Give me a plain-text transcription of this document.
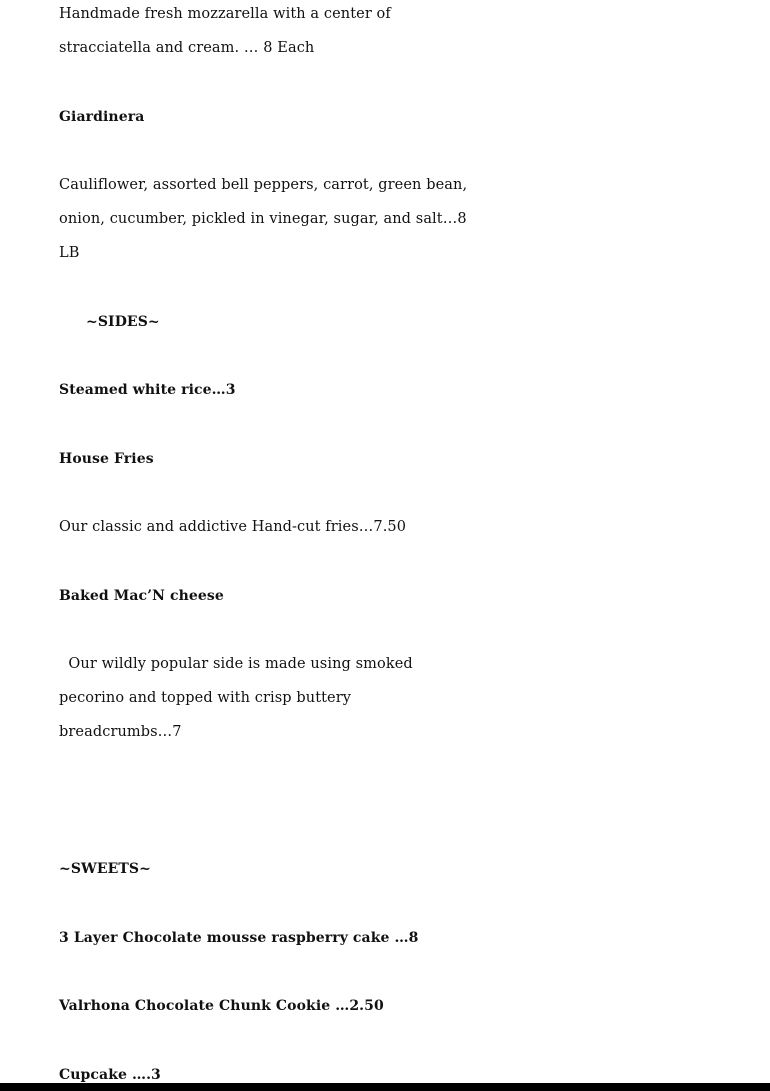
Handmade fresh mozzarella with a center of
stracciatella and cream. … 8 Each
Giardinera
Cauliflower, assorted bell peppers, carrot, green bean,
onion, cucumber, pickled in vinegar, sugar, and salt…8
LB
~SIDES~
Steamed white rice…3
House Fries
Our classic and addictive Hand-cut fries…7.50
Baked Mac’N cheese
Our wildly popular side is made using smoked
pecorino and topped with crisp buttery
breadcrumbs…7
~SWEETS~
3 Layer Chocolate mousse raspberry cake …8
Valrhona Chocolate Chunk Cookie …2.50
Cupcake ….3
